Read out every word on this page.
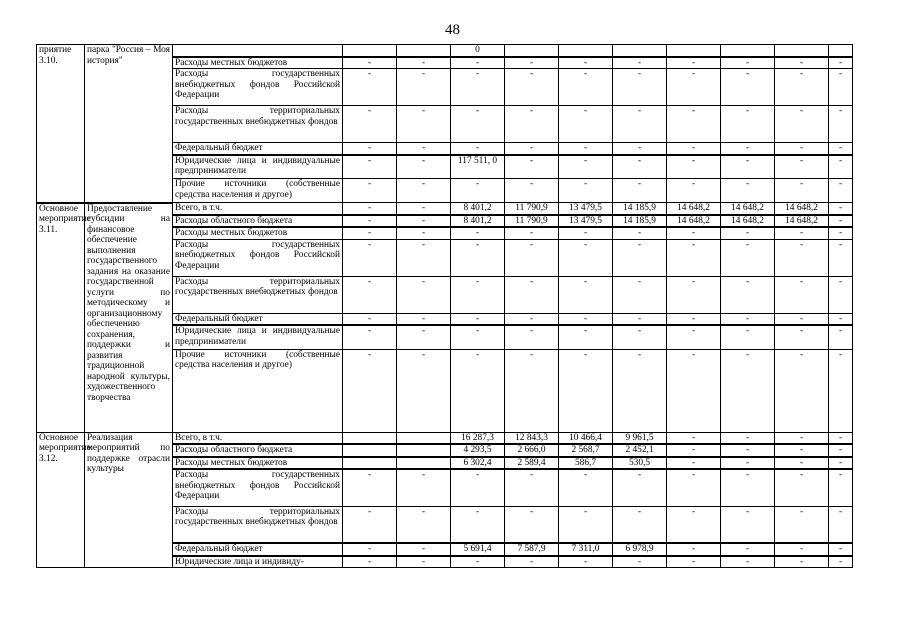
48
приятие 3.10.	парка "Россия – Моя история"				0							
		Расходы местных бюджетов	-	-	-	-	-	-	-	-	-	-
		Расходы государственных внебюджетных фондов Российской Федерации	-	-	-	-	-	-	-	-	-	-
		Расходы территориальных государственных внебюджетных фондов	-	-	-	-	-	-	-	-	-	-
		Федеральный бюджет	-	-	-	-	-	-	-	-	-	-
		Юридические лица и индивидуальные предприниматели	-	-	117 511, 0	-	-	-	-	-	-	-
		Прочие источники (собственные средства населения и другое)	-	-	-	-	-	-	-	-	-	-
Основное мероприятие 3.11.	Предоставление субсидии на финансовое обеспечение выполнения государственного задания на оказание государственной услуги по методическому и организационному обеспечению сохранения, поддержки и развития традиционной народной культуры, художественного творчества	Всего, в т.ч.	-	-	8 401,2	11 790,9	13 479,5	14 185,9	14 648,2	14 648,2	14 648,2	-
		Расходы областного бюджета	-	-	8 401,2	11 790,9	13 479,5	14 185,9	14 648,2	14 648,2	14 648,2	-
		Расходы местных бюджетов	-	-	-	-	-	-	-	-	-	-
		Расходы государственных внебюджетных фондов Российской Федерации	-	-	-	-	-	-	-	-	-	-
		Расходы территориальных государственных внебюджетных фондов	-	-	-	-	-	-	-	-	-	-
		Федеральный бюджет	-	-	-	-	-	-	-	-	-	-
		Юридические лица и индивидуальные предприниматели	-	-	-	-	-	-	-	-	-	-
		Прочие источники (собственные средства населения и другое)	-	-	-	-	-	-	-	-	-	-
Основное мероприятие 3.12.	Реализация мероприятий по поддержке отрасли культуры	Всего, в т.ч.			16 287,3	12 843,3	10 466,4	9 961,5	-	-	-	-
		Расходы областного бюджета			4 293,5	2 666,0	2 568,7	2 452,1	-	-	-	-
		Расходы местных бюджетов			6 302,4	2 589,4	586,7	530,5	-	-	-	-
		Расходы государственных внебюджетных фондов Российской Федерации	-	-	-	-	-	-	-	-	-	-
		Расходы территориальных государственных внебюджетных фондов	-	-	-	-	-	-	-	-	-	-
		Федеральный бюджет	-	-	5 691,4	7 587,9	7 311,0	6 978,9	-	-	-	-
		Юридические лица и индивиду-	-	-	-	-	-	-	-	-	-	-
